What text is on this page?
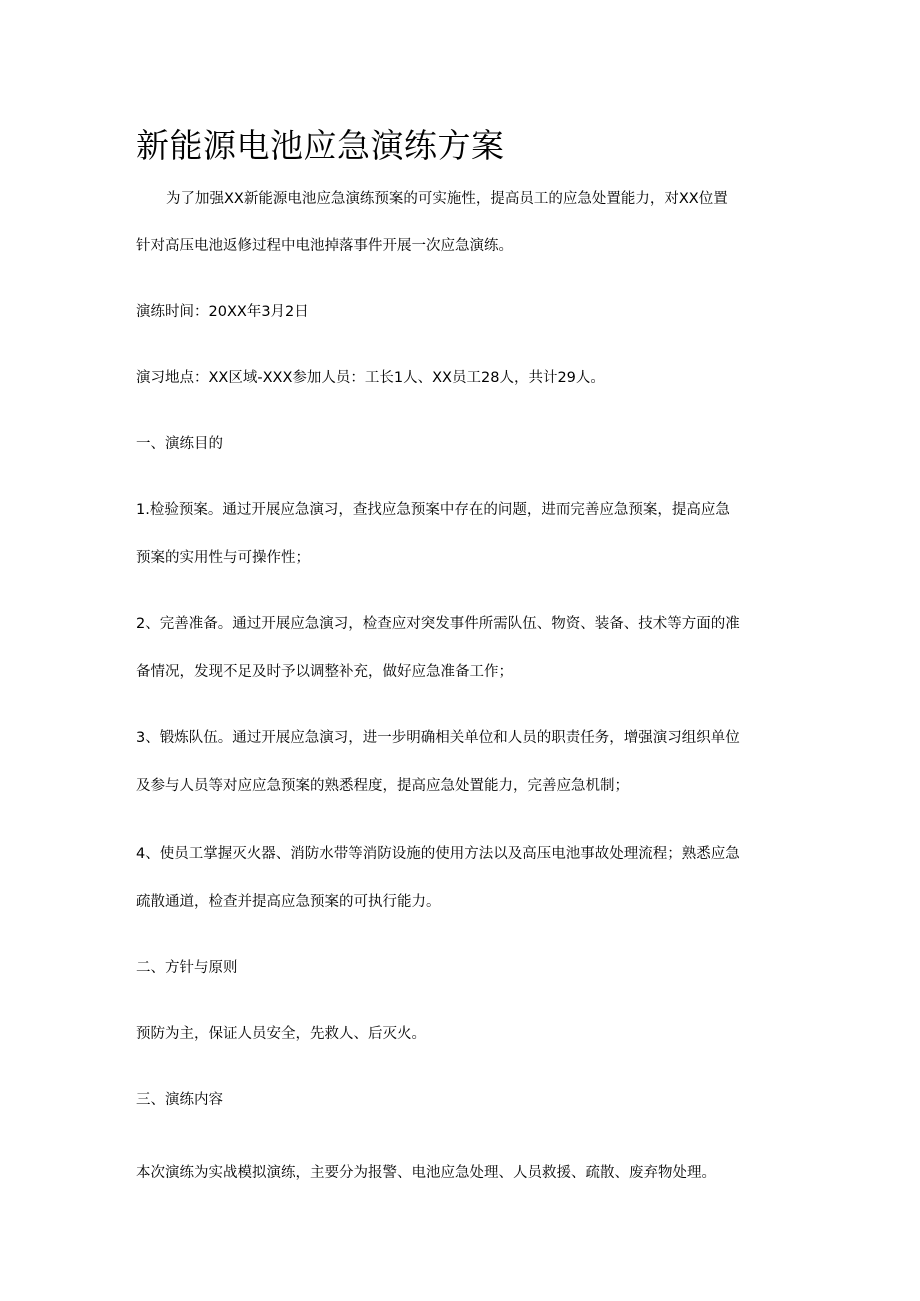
新能源电池应急演练方案

为了加强XX新能源电池应急演练预案的可实施性，提高员工的应急处置能力，对XX位置

针对高压电池返修过程中电池掉落事件开展一次应急演练。

演练时间：20XX年3月2日

演习地点：XX区域-XXX参加人员：工长1人、XX员工28人，共计29人。

一、演练目的

1.检验预案。通过开展应急演习，查找应急预案中存在的问题，进而完善应急预案，提高应急

预案的实用性与可操作性；

2、完善准备。通过开展应急演习，检查应对突发事件所需队伍、物资、装备、技术等方面的准

备情况，发现不足及时予以调整补充，做好应急准备工作；

3、锻炼队伍。通过开展应急演习，进一步明确相关单位和人员的职责任务，增强演习组织单位

及参与人员等对应应急预案的熟悉程度，提高应急处置能力，完善应急机制；

4、使员工掌握灭火器、消防水带等消防设施的使用方法以及高压电池事故处理流程；熟悉应急

疏散通道，检查并提高应急预案的可执行能力。

二、方针与原则

预防为主，保证人员安全，先救人、后灭火。

三、演练内容

本次演练为实战模拟演练，主要分为报警、电池应急处理、人员救援、疏散、废弃物处理。
